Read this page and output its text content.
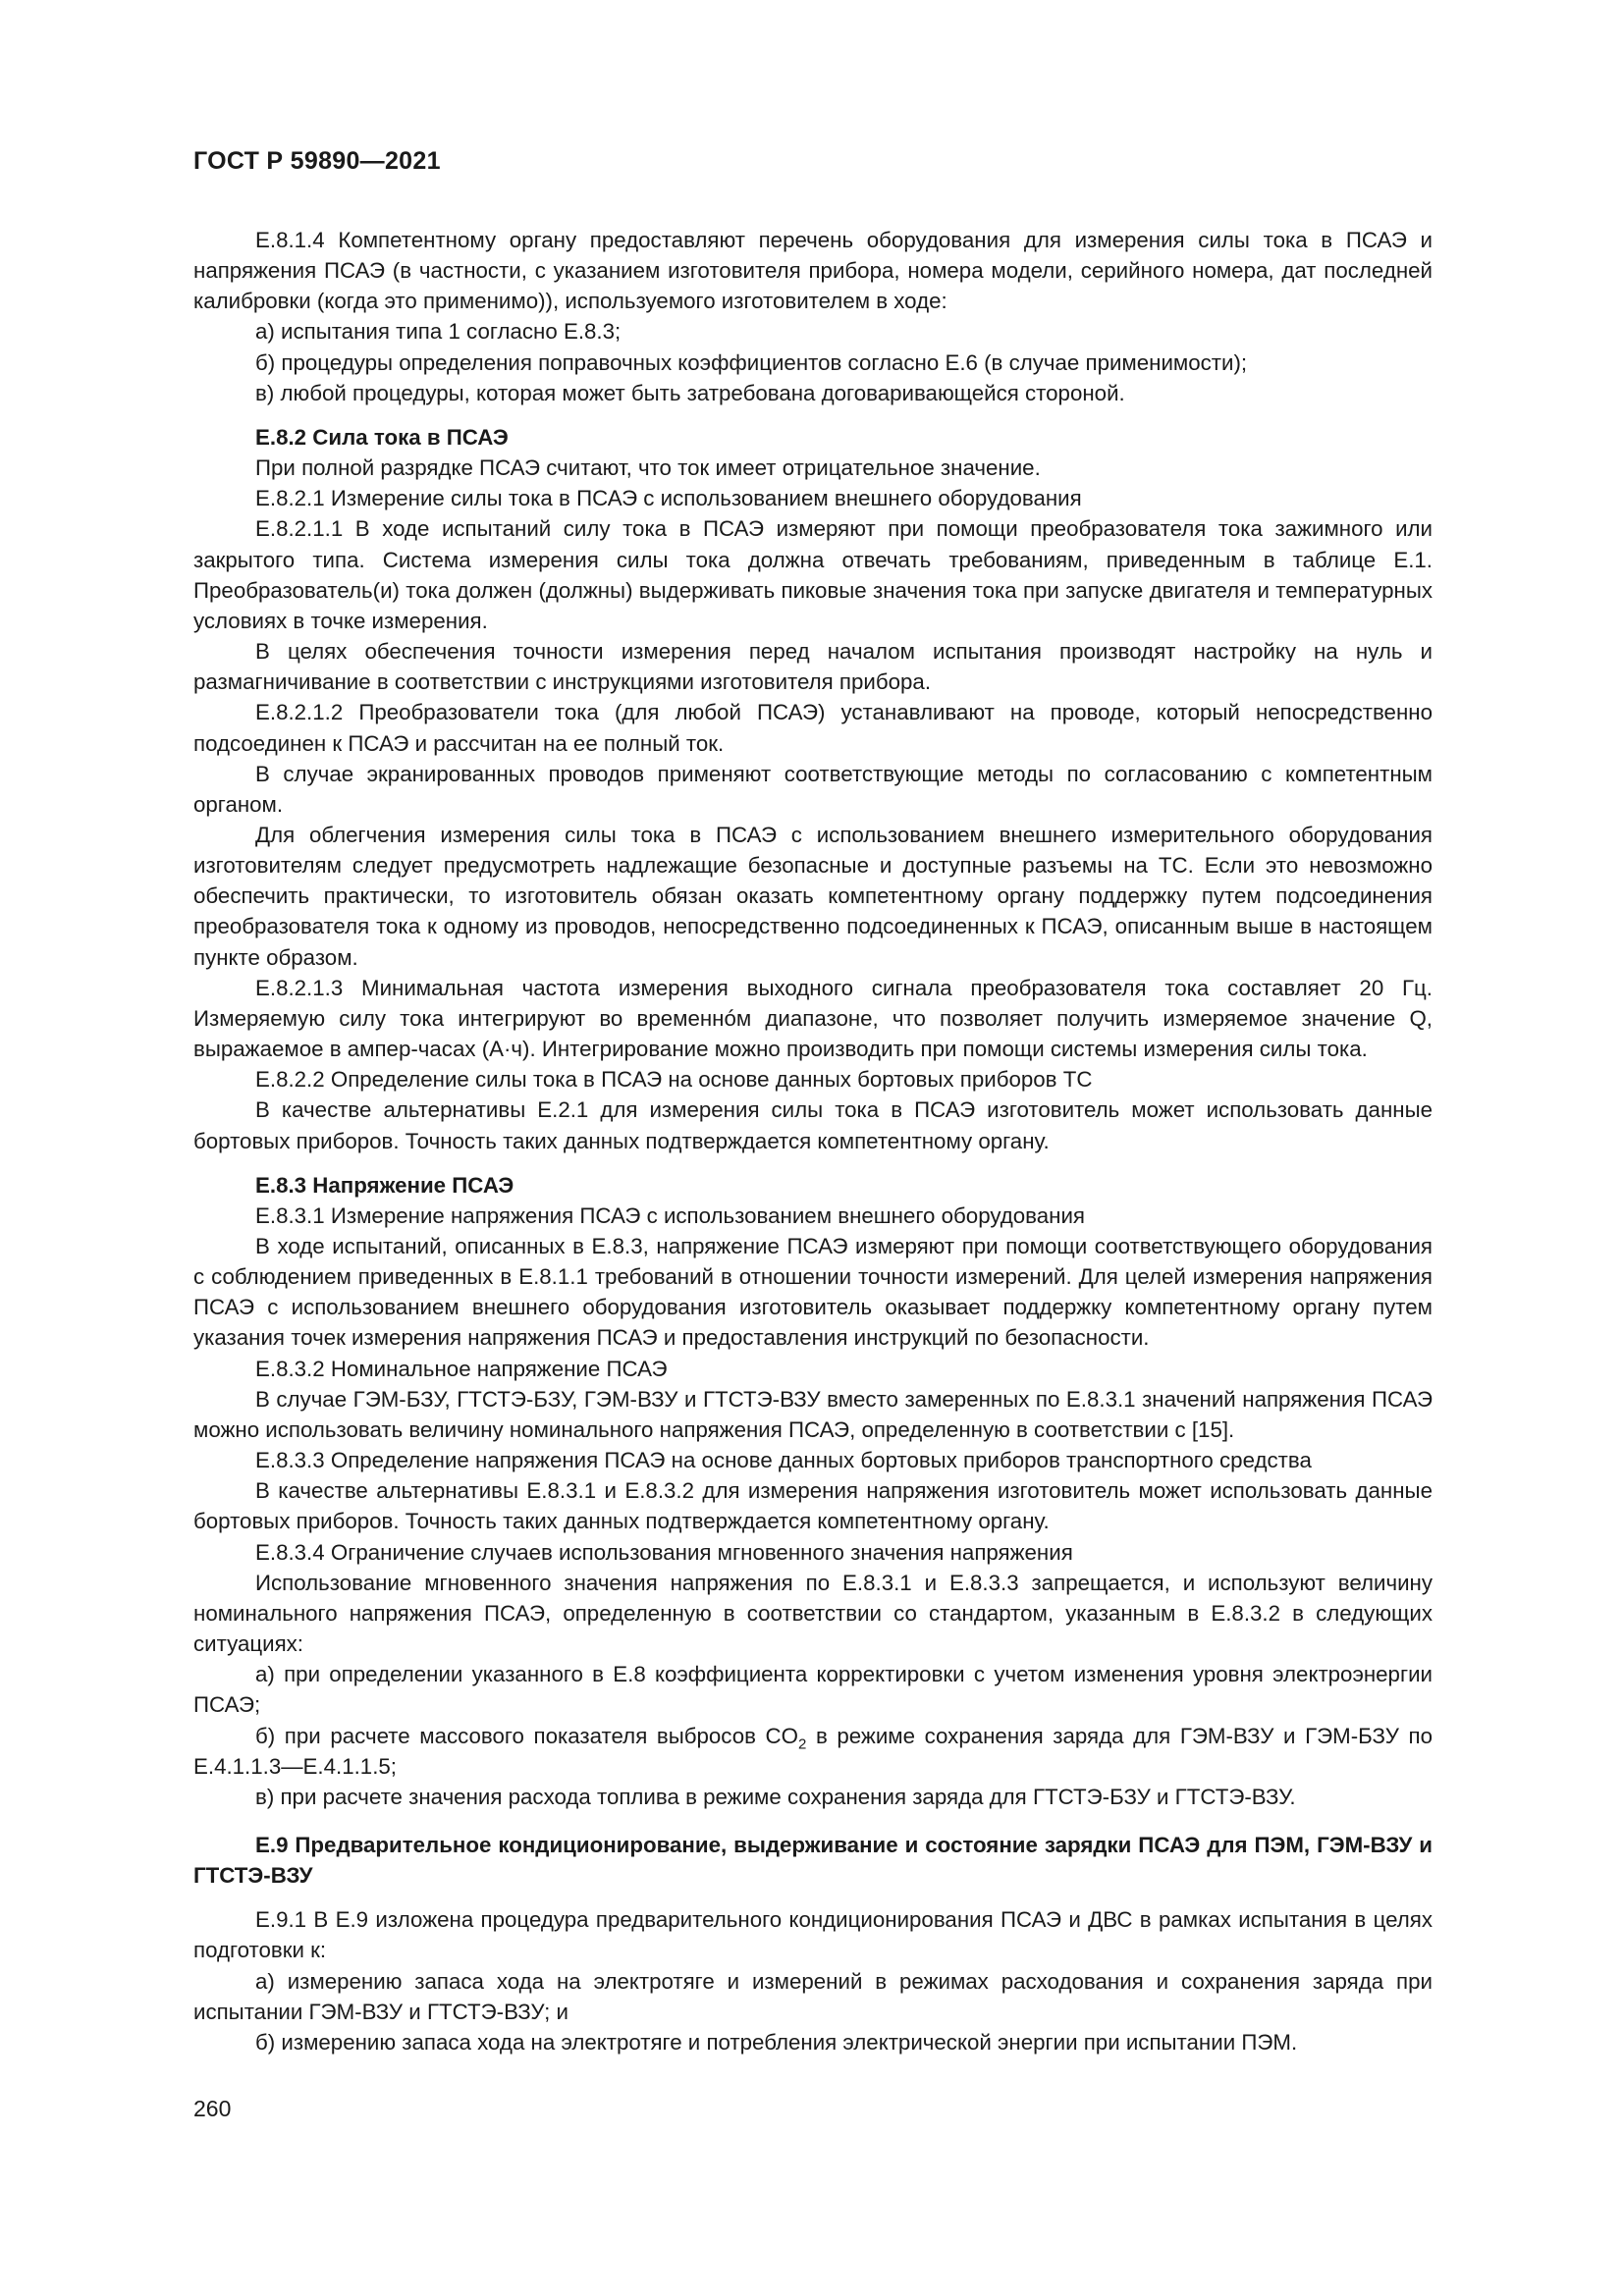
ГОСТ Р 59890—2021

Е.8.1.4 Компетентному органу предоставляют перечень оборудования для измерения силы тока в ПСАЭ и напряжения ПСАЭ (в частности, с указанием изготовителя прибора, номера модели, серийного номера, дат последней калибровки (когда это применимо)), используемого изготовителем в ходе:

а) испытания типа 1 согласно Е.8.3;

б) процедуры определения поправочных коэффициентов согласно Е.6 (в случае применимости);

в) любой процедуры, которая может быть затребована договаривающейся стороной.

Е.8.2 Сила тока в ПСАЭ

При полной разрядке ПСАЭ считают, что ток имеет отрицательное значение.

Е.8.2.1 Измерение силы тока в ПСАЭ с использованием внешнего оборудования

Е.8.2.1.1 В ходе испытаний силу тока в ПСАЭ измеряют при помощи преобразователя тока зажимного или закрытого типа. Система измерения силы тока должна отвечать требованиям, приведенным в таблице Е.1. Преобразователь(и) тока должен (должны) выдерживать пиковые значения тока при запуске двигателя и температурных условиях в точке измерения.

В целях обеспечения точности измерения перед началом испытания производят настройку на нуль и размагничивание в соответствии с инструкциями изготовителя прибора.

Е.8.2.1.2 Преобразователи тока (для любой ПСАЭ) устанавливают на проводе, который непосредственно подсоединен к ПСАЭ и рассчитан на ее полный ток.

В случае экранированных проводов применяют соответствующие методы по согласованию с компетентным органом.

Для облегчения измерения силы тока в ПСАЭ с использованием внешнего измерительного оборудования изготовителям следует предусмотреть надлежащие безопасные и доступные разъемы на ТС. Если это невозможно обеспечить практически, то изготовитель обязан оказать компетентному органу поддержку путем подсоединения преобразователя тока к одному из проводов, непосредственно подсоединенных к ПСАЭ, описанным выше в настоящем пункте образом.

Е.8.2.1.3 Минимальная частота измерения выходного сигнала преобразователя тока составляет 20 Гц. Измеряемую силу тока интегрируют во временнóм диапазоне, что позволяет получить измеряемое значение Q, выражаемое в ампер-часах (А·ч). Интегрирование можно производить при помощи системы измерения силы тока.

Е.8.2.2 Определение силы тока в ПСАЭ на основе данных бортовых приборов ТС

В качестве альтернативы Е.2.1 для измерения силы тока в ПСАЭ изготовитель может использовать данные бортовых приборов. Точность таких данных подтверждается компетентному органу.

Е.8.3 Напряжение ПСАЭ

Е.8.3.1 Измерение напряжения ПСАЭ с использованием внешнего оборудования

В ходе испытаний, описанных в Е.8.3, напряжение ПСАЭ измеряют при помощи соответствующего оборудования с соблюдением приведенных в Е.8.1.1 требований в отношении точности измерений. Для целей измерения напряжения ПСАЭ с использованием внешнего оборудования изготовитель оказывает поддержку компетентному органу путем указания точек измерения напряжения ПСАЭ и предоставления инструкций по безопасности.

Е.8.3.2 Номинальное напряжение ПСАЭ

В случае ГЭМ-БЗУ, ГТСТЭ-БЗУ, ГЭМ-ВЗУ и ГТСТЭ-ВЗУ вместо замеренных по Е.8.3.1 значений напряжения ПСАЭ можно использовать величину номинального напряжения ПСАЭ, определенную в соответствии с [15].

Е.8.3.3 Определение напряжения ПСАЭ на основе данных бортовых приборов транспортного средства

В качестве альтернативы Е.8.3.1 и Е.8.3.2 для измерения напряжения изготовитель может использовать данные бортовых приборов. Точность таких данных подтверждается компетентному органу.

Е.8.3.4 Ограничение случаев использования мгновенного значения напряжения

Использование мгновенного значения напряжения по Е.8.3.1 и Е.8.3.3 запрещается, и используют величину номинального напряжения ПСАЭ, определенную в соответствии со стандартом, указанным в Е.8.3.2 в следующих ситуациях:

а) при определении указанного в Е.8 коэффициента корректировки с учетом изменения уровня электроэнергии ПСАЭ;

б) при расчете массового показателя выбросов $CO_2$ в режиме сохранения заряда для ГЭМ-ВЗУ и ГЭМ-БЗУ по Е.4.1.1.3—Е.4.1.1.5;

в) при расчете значения расхода топлива в режиме сохранения заряда для ГТСТЭ-БЗУ и ГТСТЭ-ВЗУ.

Е.9 Предварительное кондиционирование, выдерживание и состояние зарядки ПСАЭ для ПЭМ, ГЭМ-ВЗУ и ГТСТЭ-ВЗУ

Е.9.1 В Е.9 изложена процедура предварительного кондиционирования ПСАЭ и ДВС в рамках испытания в целях подготовки к:

а) измерению запаса хода на электротяге и измерений в режимах расходования и сохранения заряда при испытании ГЭМ-ВЗУ и ГТСТЭ-ВЗУ; и

б) измерению запаса хода на электротяге и потребления электрической энергии при испытании ПЭМ.

260
